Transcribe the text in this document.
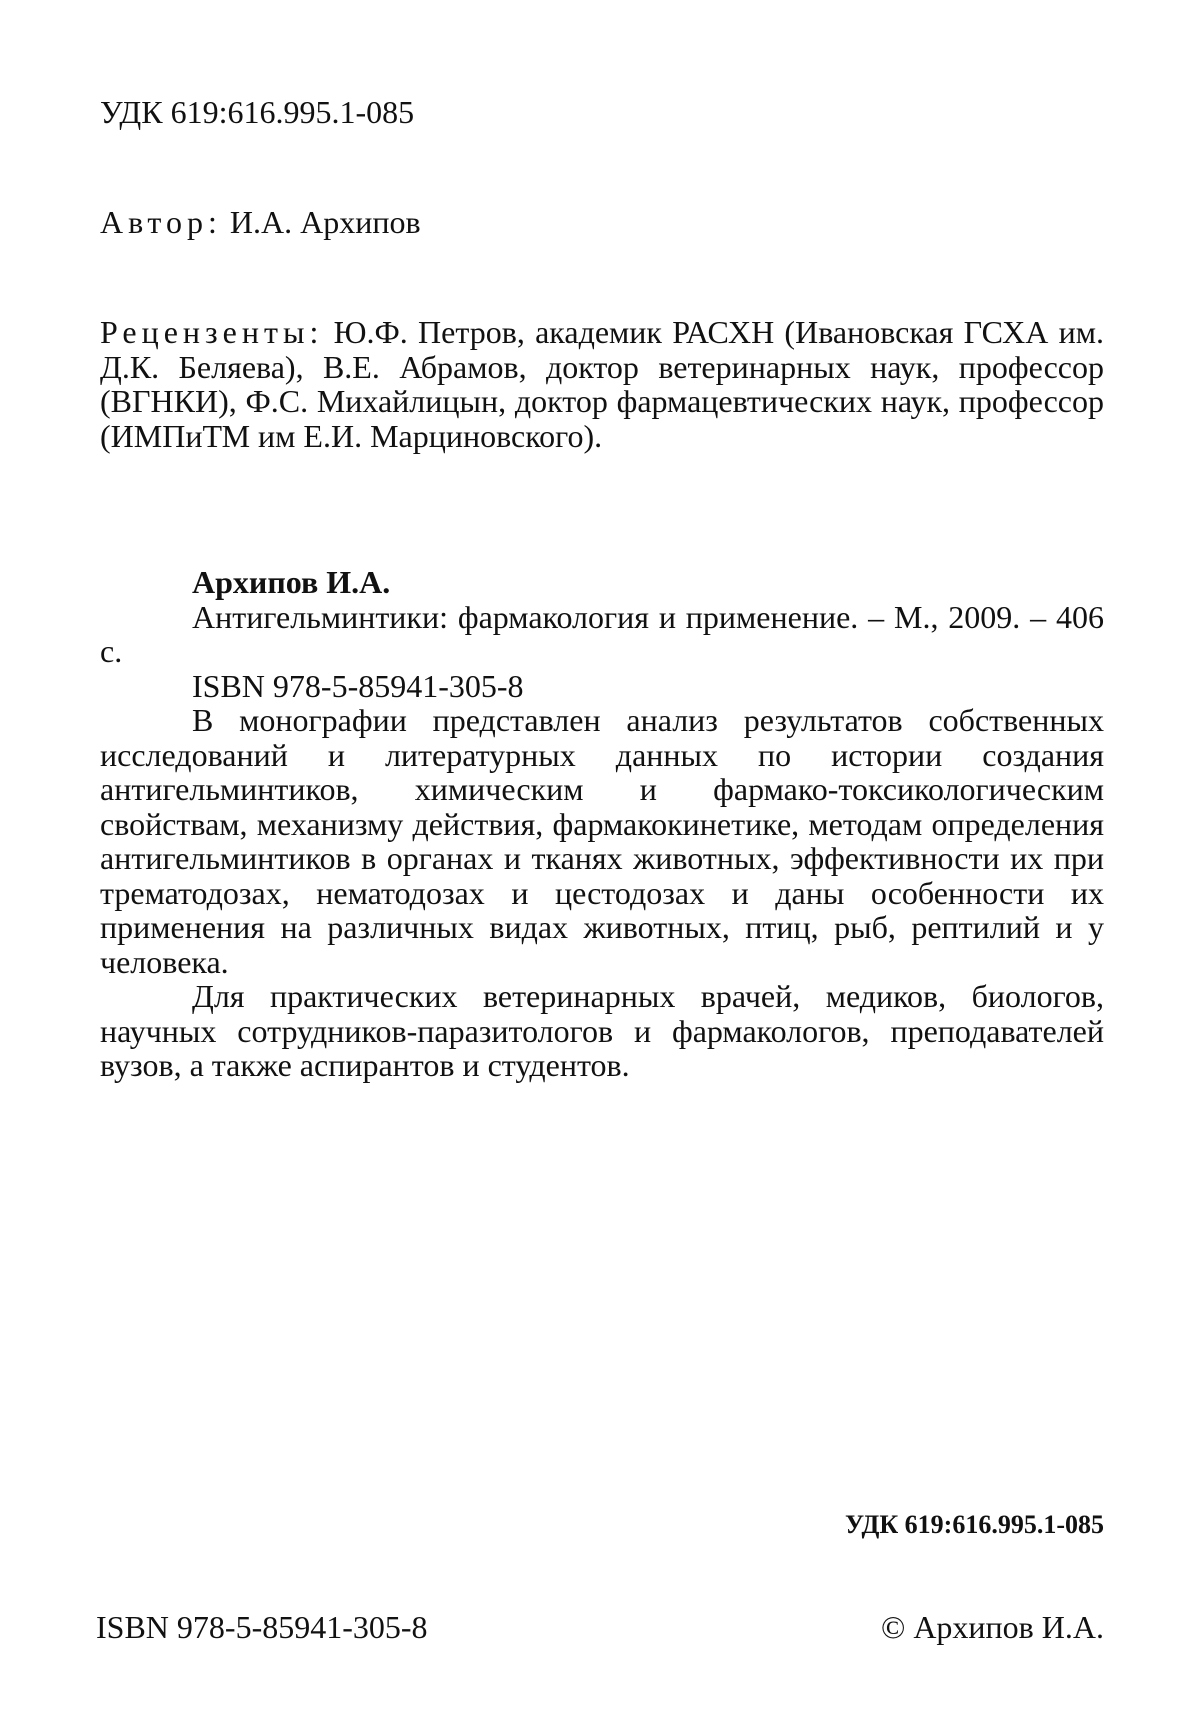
УДК 619:616.995.1-085
Автор: И.А. Архипов
Рецензенты: Ю.Ф. Петров, академик РАСХН (Ивановская ГСХА им. Д.К. Беляева), В.Е. Абрамов, доктор ветеринарных наук, профессор (ВГНКИ), Ф.С. Михайлицын, доктор фармацевтических наук, профессор (ИМПиТМ им Е.И. Марциновского).

Архипов И.А.

Антигельминтики: фармакология и применение. – М., 2009. – 406 с.

ISBN 978-5-85941-305-8

В монографии представлен анализ результатов собственных исследований и литературных данных по истории создания антигельминтиков, химическим и фармако-токсикологическим свойствам, механизму действия, фармакокинетике, методам определения антигельминтиков в органах и тканях животных, эффективности их при трематодозах, нематодозах и цестодозах и даны особенности их применения на различных видах животных, птиц, рыб, рептилий и у человека.

Для практических ветеринарных врачей, медиков, биологов, научных сотрудников-паразитологов и фармакологов, преподавателей вузов, а также аспирантов и студентов.

УДК 619:616.995.1-085
ISBN 978-5-85941-305-8	© Архипов И.А.
